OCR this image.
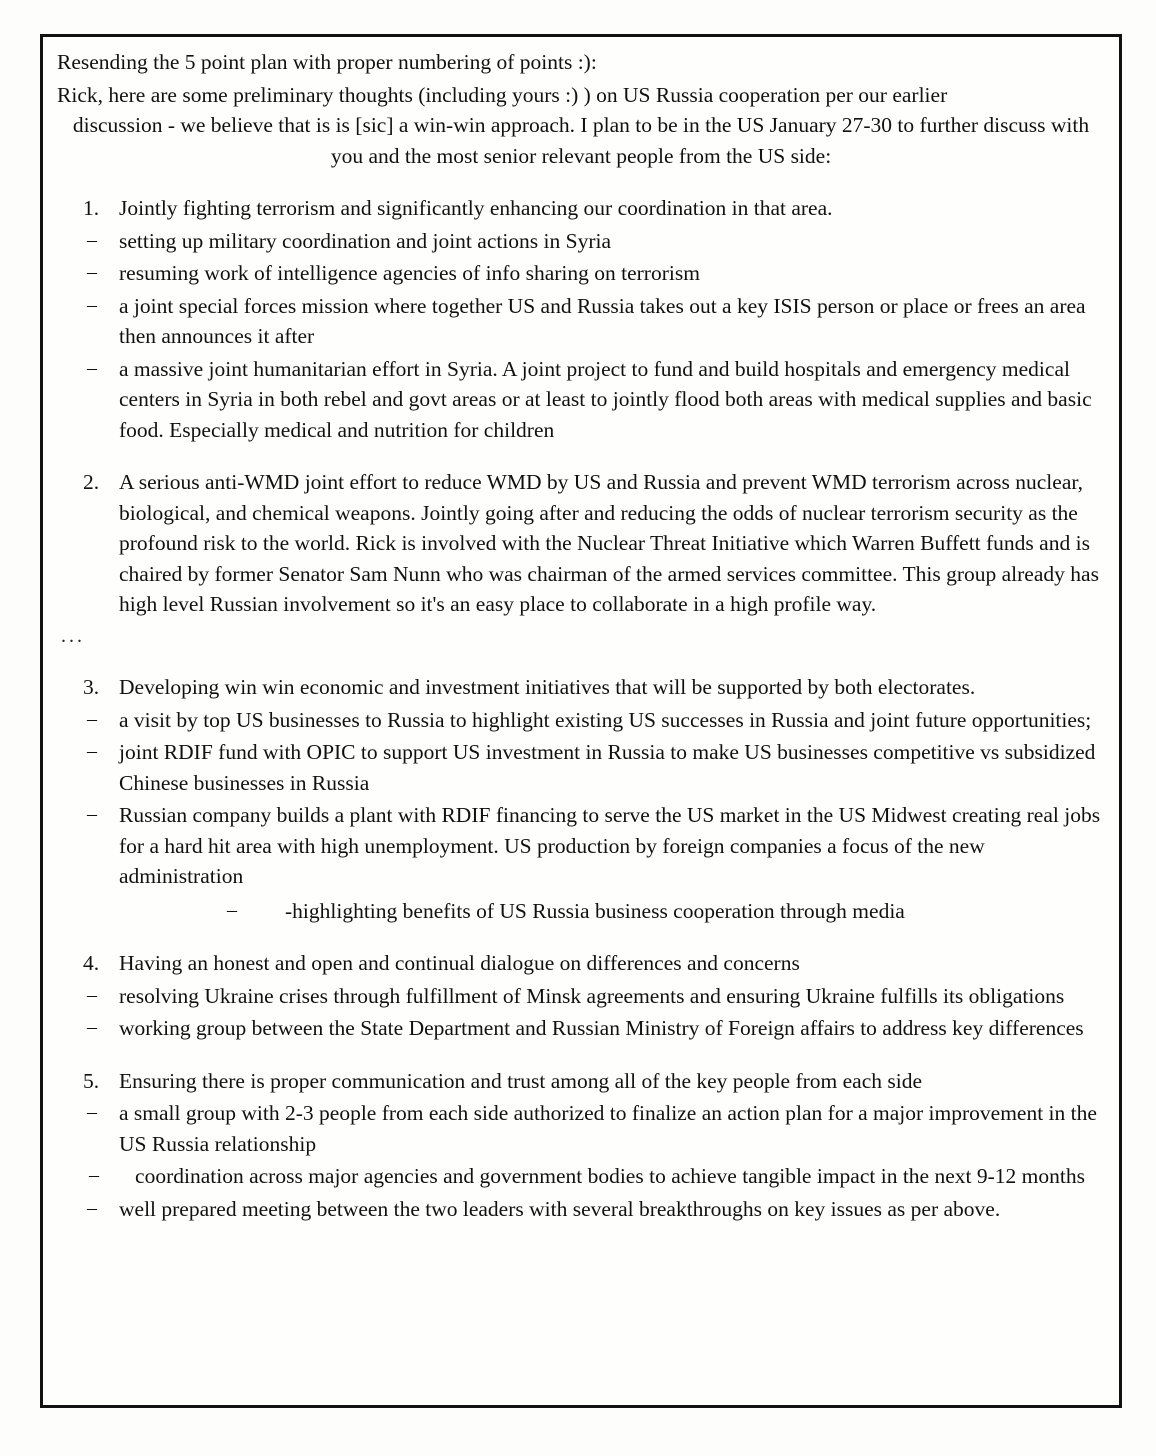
Resending the 5 point plan with proper numbering of points :):
Rick, here are some preliminary thoughts (including yours :) ) on US Russia cooperation per our earlier
discussion - we believe that is is [sic] a win-win approach. I plan to be in the US January 27-30 to further discuss with you and the most senior relevant people from the US side:
1. Jointly fighting terrorism and significantly enhancing our coordination in that area.
–	setting up military coordination and joint actions in Syria
–	resuming work of intelligence agencies of info sharing on terrorism
–	a joint special forces mission where together US and Russia takes out a key ISIS person or place or frees an area then announces it after
–	a massive joint humanitarian effort in Syria. A joint project to fund and build hospitals and emergency medical centers in Syria in both rebel and govt areas or at least to jointly flood both areas with medical supplies and basic food. Especially medical and nutrition for children
2. A serious anti-WMD joint effort to reduce WMD by US and Russia and prevent WMD terrorism across nuclear, biological, and chemical weapons. Jointly going after and reducing the odds of nuclear terrorism security as the profound risk to the world. Rick is involved with the Nuclear Threat Initiative which Warren Buffett funds and is chaired by former Senator Sam Nunn who was chairman of the armed services committee. This group already has high level Russian involvement so it's an easy place to collaborate in a high profile way.
...
3. Developing win win economic and investment initiatives that will be supported by both electorates.
–	a visit by top US businesses to Russia to highlight existing US successes in Russia and joint future opportunities;
–	joint RDIF fund with OPIC to support US investment in Russia to make US businesses competitive vs subsidized Chinese businesses in Russia
–	Russian company builds a plant with RDIF financing to serve the US market in the US Midwest creating real jobs for a hard hit area with high unemployment. US production by foreign companies a focus of the new administration
–	-highlighting benefits of US Russia business cooperation through media
4. Having an honest and open and continual dialogue on differences and concerns
–	resolving Ukraine crises through fulfillment of Minsk agreements and ensuring Ukraine fulfills its obligations
–	working group between the State Department and Russian Ministry of Foreign affairs to address key differences
5. Ensuring there is proper communication and trust among all of the key people from each side
–	a small group with 2-3 people from each side authorized to finalize an action plan for a major improvement in the US Russia relationship
–	coordination across major agencies and government bodies to achieve tangible impact in the next 9-12 months
–	well prepared meeting between the two leaders with several breakthroughs on key issues as per above.
